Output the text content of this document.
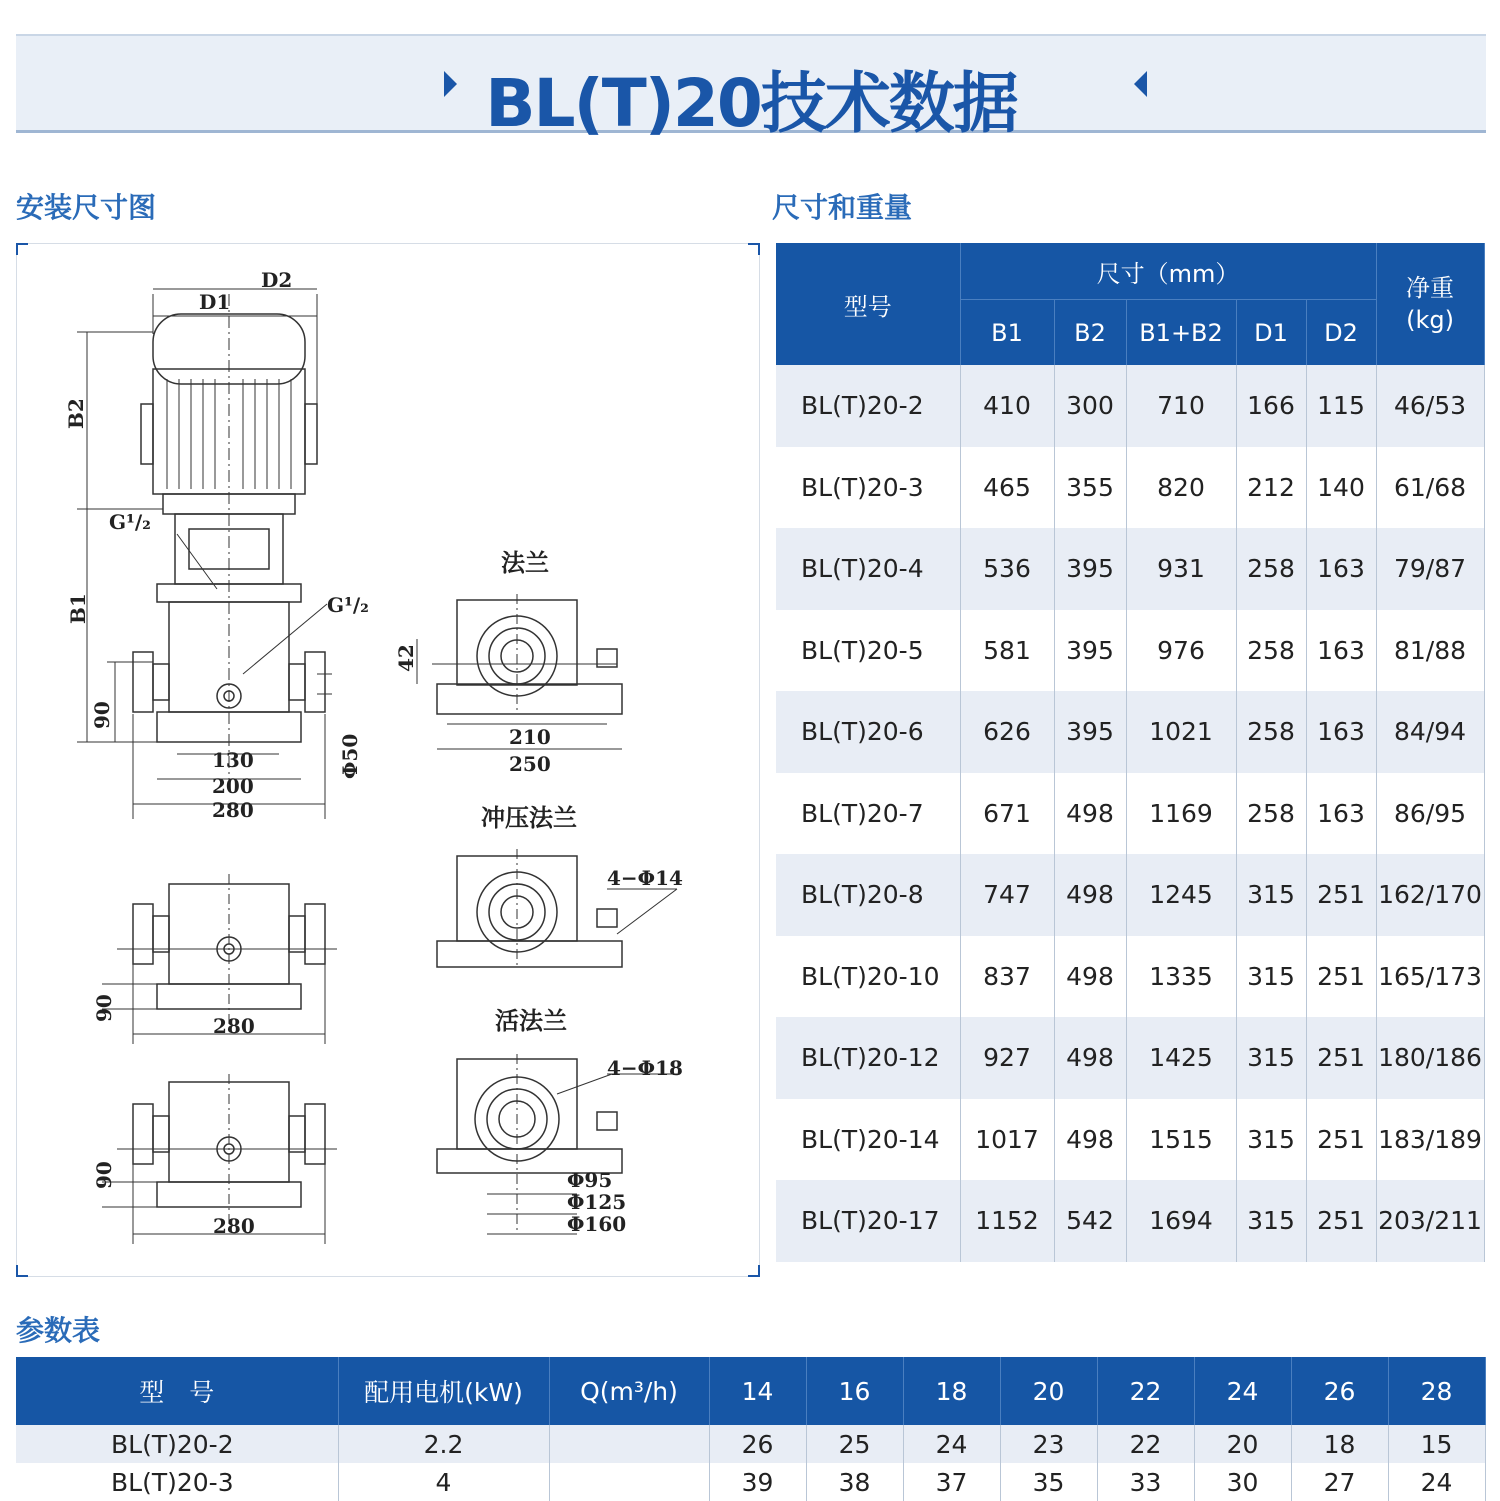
BL(T)20技术数据
安装尺寸图	尺寸和重量
参数表
D2
D1
B2
B1
G¹/₂
G¹/₂
90
130
200
280
Φ50
法兰
42
210
250
冲压法兰
4−Φ14
90
280	活法兰
4−Φ18
90
280
Φ95
Φ125
Φ160
型号	尺寸（mm）					净重
(kg)
	B1	B2	B1+B2	D1	D2	
BL(T)20-2	410	300	710	166	115	46/53
BL(T)20-3	465	355	820	212	140	61/68
BL(T)20-4	536	395	931	258	163	79/87
BL(T)20-5	581	395	976	258	163	81/88
BL(T)20-6	626	395	1021	258	163	84/94
BL(T)20-7	671	498	1169	258	163	86/95
BL(T)20-8	747	498	1245	315	251	162/170
BL(T)20-10	837	498	1335	315	251	165/173
BL(T)20-12	927	498	1425	315	251	180/186
BL(T)20-14	1017	498	1515	315	251	183/189
BL(T)20-17	1152	542	1694	315	251	203/211
型　号	配用电机(kW)	Q(m³/h)	14	16	18	20	22	24	26	28
BL(T)20-2	2.2		26	25	24	23	22	20	18	15
BL(T)20-3	4		39	38	37	35	33	30	27	24
